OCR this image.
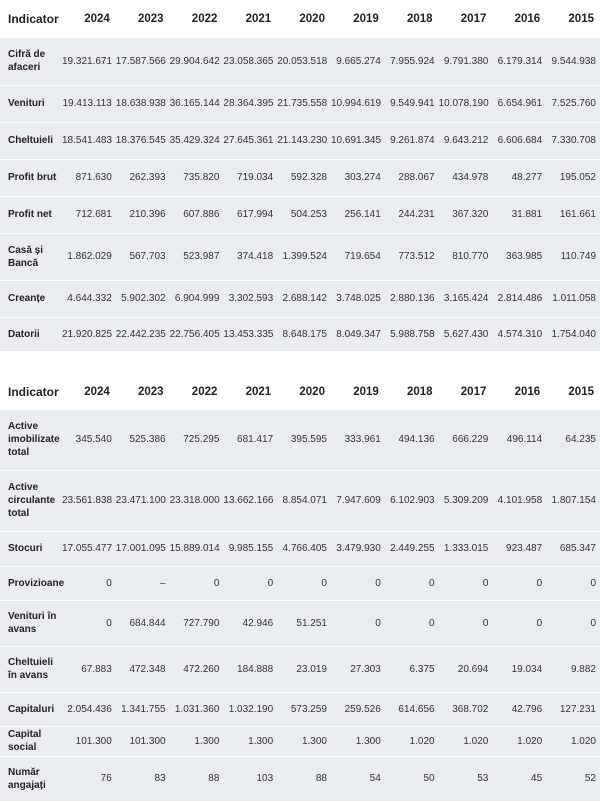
Indicator	2024	2023	2022	2021	2020	2019	2018	2017	2016	2015
Cifră de afaceri	19.321.671	17.587.566	29.904.642	23.058.365	20.053.518	9.665.274	7.955.924	9.791.380	6.179.314	9.544.938
Venituri	19.413.113	18.638.938	36.165.144	28.364.395	21.735.558	10.994.619	9.549.941	10.078.190	6.654.961	7.525.760
Cheltuieli	18.541.483	18.376.545	35.429.324	27.645.361	21.143.230	10.691.345	9.261.874	9.643.212	6.606.684	7.330.708
Profit brut	871.630	262.393	735.820	719.034	592.328	303.274	288.067	434.978	48.277	195.052
Profit net	712.681	210.396	607.886	617.994	504.253	256.141	244.231	367.320	31.881	161.661
Casă și Bancă	1.862.029	567.703	523.987	374.418	1.399.524	719.654	773.512	810.770	363.985	110.749
Creanțe	4.644.332	5.902.302	6.904.999	3.302.593	2.688.142	3.748.025	2.880.136	3.165.424	2.814.486	1.011.058
Datorii	21.920.825	22.442.235	22.756.405	13.453.335	8.648.175	8.049.347	5.988.758	5.627.430	4.574.310	1.754.040
Indicator	2024	2023	2022	2021	2020	2019	2018	2017	2016	2015
Active imobilizate total	345.540	525.386	725.295	681.417	395.595	333.961	494.136	666.229	496.114	64.235
Active circulante total	23.561.838	23.471.100	23.318.000	13.662.166	8.854.071	7.947.609	6.102.903	5.309.209	4.101.958	1.807.154
Stocuri	17.055.477	17.001.095	15.889.014	9.985.155	4.766.405	3.479.930	2.449.255	1.333.015	923.487	685.347
Provizioane	0	–	0	0	0	0	0	0	0	0
Venituri în avans	0	684.844	727.790	42.946	51.251	0	0	0	0	0
Cheltuieli în avans	67.883	472.348	472.260	184.888	23.019	27.303	6.375	20.694	19.034	9.882
Capitaluri	2.054.436	1.341.755	1.031.360	1.032.190	573.259	259.526	614.656	368.702	42.796	127.231
Capital social	101.300	101.300	1.300	1.300	1.300	1.300	1.020	1.020	1.020	1.020
Număr angajați	76	83	88	103	88	54	50	53	45	52
